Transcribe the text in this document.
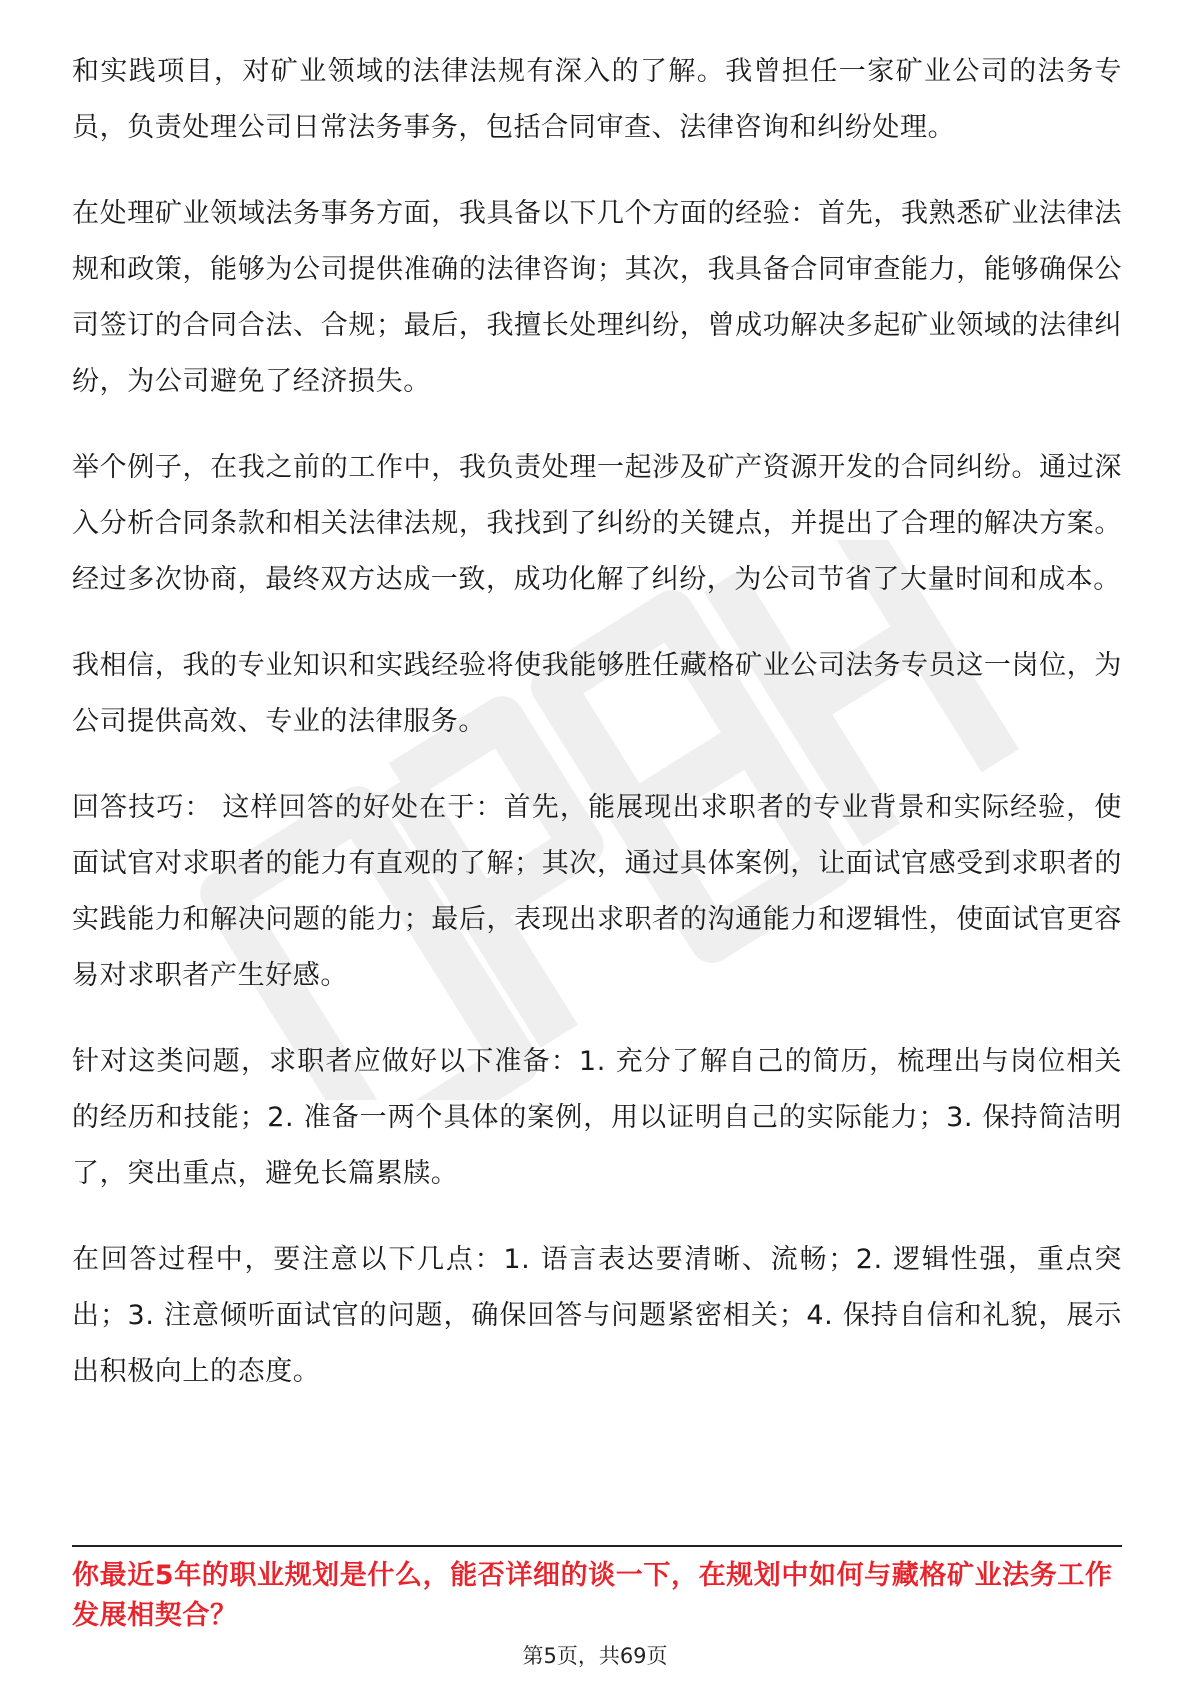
和实践项目，对矿业领域的法律法规有深入的了解。我曾担任一家矿业公司的法务专员，负责处理公司日常法务事务，包括合同审查、法律咨询和纠纷处理。

在处理矿业领域法务事务方面，我具备以下几个方面的经验：首先，我熟悉矿业法律法规和政策，能够为公司提供准确的法律咨询；其次，我具备合同审查能力，能够确保公司签订的合同合法、合规；最后，我擅长处理纠纷，曾成功解决多起矿业领域的法律纠纷，为公司避免了经济损失。

举个例子，在我之前的工作中，我负责处理一起涉及矿产资源开发的合同纠纷。通过深入分析合同条款和相关法律法规，我找到了纠纷的关键点，并提出了合理的解决方案。经过多次协商，最终双方达成一致，成功化解了纠纷，为公司节省了大量时间和成本。

我相信，我的专业知识和实践经验将使我能够胜任藏格矿业公司法务专员这一岗位，为公司提供高效、专业的法律服务。

回答技巧： 这样回答的好处在于：首先，能展现出求职者的专业背景和实际经验，使面试官对求职者的能力有直观的了解；其次，通过具体案例，让面试官感受到求职者的实践能力和解决问题的能力；最后，表现出求职者的沟通能力和逻辑性，使面试官更容易对求职者产生好感。

针对这类问题，求职者应做好以下准备：1. 充分了解自己的简历，梳理出与岗位相关的经历和技能；2. 准备一两个具体的案例，用以证明自己的实际能力；3. 保持简洁明了，突出重点，避免长篇累牍。

在回答过程中，要注意以下几点：1. 语言表达要清晰、流畅；2. 逻辑性强，重点突出；3. 注意倾听面试官的问题，确保回答与问题紧密相关；4. 保持自信和礼貌，展示出积极向上的态度。

你最近5年的职业规划是什么，能否详细的谈一下，在规划中如何与藏格矿业法务工作发展相契合？
第5页，共69页
